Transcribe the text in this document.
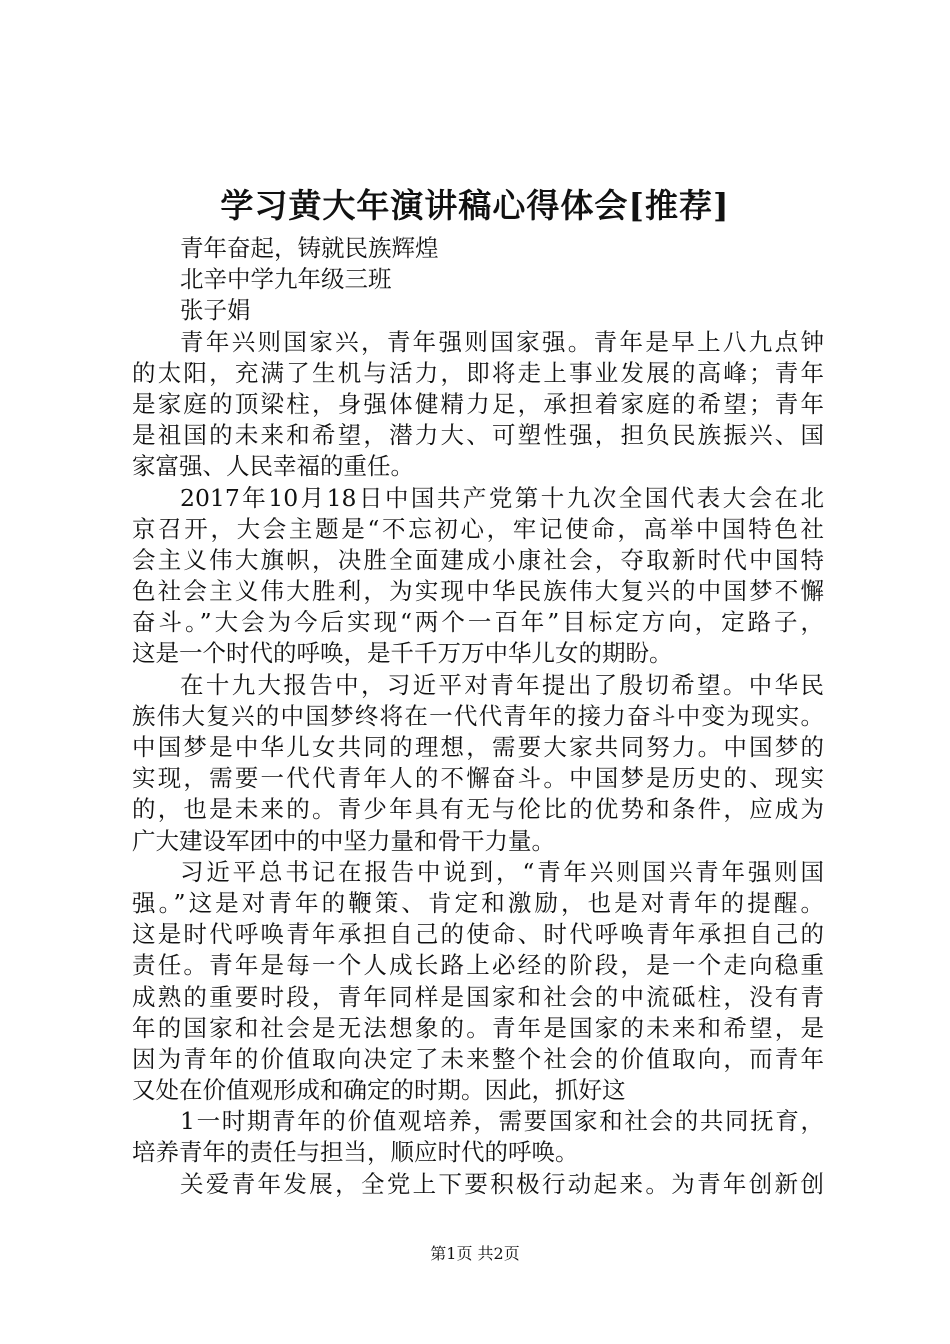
学习黄大年演讲稿心得体会[推荐]
青年奋起，铸就民族辉煌
北辛中学九年级三班
张子娟
青年兴则国家兴，青年强则国家强。青年是早上八九点钟
的太阳，充满了生机与活力，即将走上事业发展的高峰；青年
是家庭的顶梁柱，身强体健精力足，承担着家庭的希望；青年
是祖国的未来和希望，潜力大、可塑性强，担负民族振兴、国
家富强、人民幸福的重任。
2017年10月18日中国共产党第十九次全国代表大会在北
京召开，大会主题是“不忘初心，牢记使命，高举中国特色社
会主义伟大旗帜，决胜全面建成小康社会，夺取新时代中国特
色社会主义伟大胜利，为实现中华民族伟大复兴的中国梦不懈
奋斗。”大会为今后实现“两个一百年”目标定方向，定路子，
这是一个时代的呼唤，是千千万万中华儿女的期盼。
在十九大报告中，习近平对青年提出了殷切希望。中华民
族伟大复兴的中国梦终将在一代代青年的接力奋斗中变为现实。
中国梦是中华儿女共同的理想，需要大家共同努力。中国梦的
实现，需要一代代青年人的不懈奋斗。中国梦是历史的、现实
的，也是未来的。青少年具有无与伦比的优势和条件，应成为
广大建设军团中的中坚力量和骨干力量。
习近平总书记在报告中说到，“青年兴则国兴青年强则国
强。”这是对青年的鞭策、肯定和激励，也是对青年的提醒。
这是时代呼唤青年承担自己的使命、时代呼唤青年承担自己的
责任。青年是每一个人成长路上必经的阶段，是一个走向稳重
成熟的重要时段，青年同样是国家和社会的中流砥柱，没有青
年的国家和社会是无法想象的。青年是国家的未来和希望，是
因为青年的价值取向决定了未来整个社会的价值取向，而青年
又处在价值观形成和确定的时期。因此，抓好这
1一时期青年的价值观培养，需要国家和社会的共同抚育，
培养青年的责任与担当，顺应时代的呼唤。
关爱青年发展，全党上下要积极行动起来。为青年创新创
第1页 共2页
